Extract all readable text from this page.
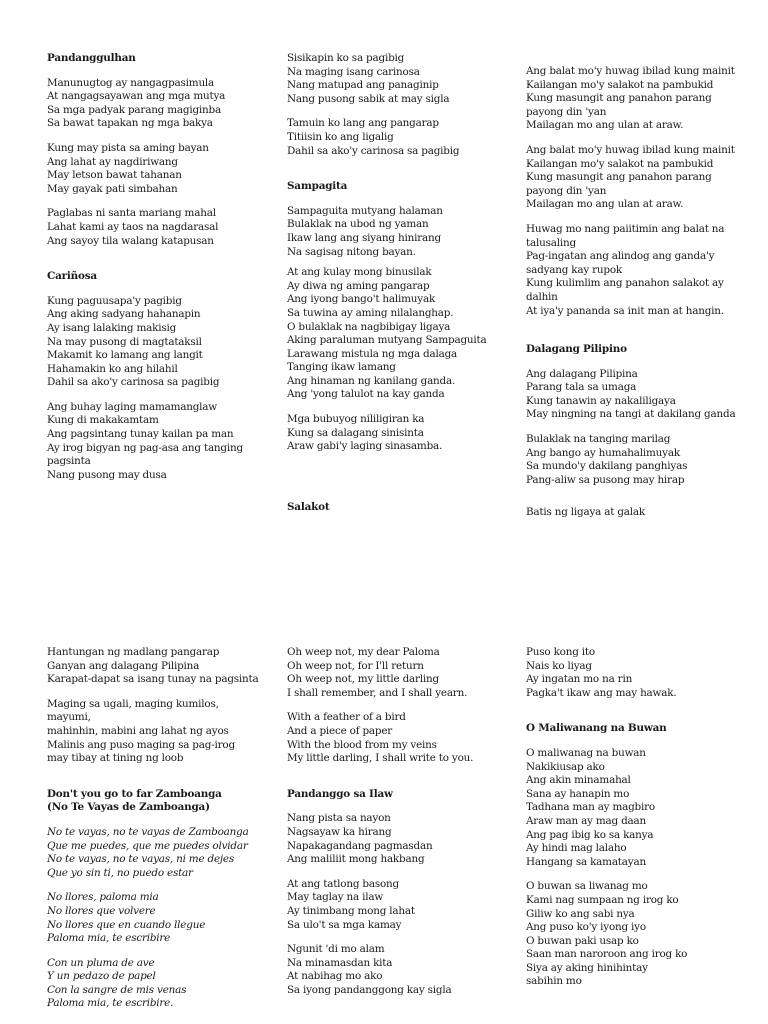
Pandanggulhan

Manunugtog ay nangagpasimula
At nangagsayawan ang mga mutya
Sa mga padyak parang magiginba
Sa bawat tapakan ng mga bakya
Kung may pista sa aming bayan
Ang lahat ay nagdiriwang
May letson bawat tahanan
May gayak pati simbahan
Paglabas ni santa mariang mahal
Lahat kami ay taos na nagdarasal
Ang sayoy tila walang katapusan

Cariñosa

Kung paguusapa'y pagibig
Ang aking sadyang hahanapin
Ay isang lalaking makisig
Na may pusong di magtataksil
Makamit ko lamang ang langit
Hahamakin ko ang hilahil
Dahil sa ako'y carinosa sa pagibig
Ang buhay laging mamamanglaw
Kung di makakamtam
Ang pagsintang tunay kailan pa man
Ay irog bigyan ng pag-asa ang tanging
pagsinta
Nang pusong may dusa
Sisikapin ko sa pagibig
Na maging isang carinosa
Nang matupad ang panaginip
Nang pusong sabik at may sigla
Tamuin ko lang ang pangarap
Titiisin ko ang ligalig
Dahil sa ako'y carinosa sa pagibig

Sampagita

Sampaguita mutyang halaman
Bulaklak na ubod ng yaman
Ikaw lang ang siyang hinirang
Na sagisag nitong bayan.
At ang kulay mong binusilak
Ay diwa ng aming pangarap
Ang iyong bango't halimuyak
Sa tuwina ay aming nilalanghap.
O bulaklak na nagbibigay ligaya
Aking paraluman mutyang Sampaguita
Larawang mistula ng mga dalaga
Tanging ikaw lamang
Ang hinaman ng kanilang ganda.
Ang 'yong talulot na kay ganda
Mga bubuyog nililigiran ka
Kung sa dalagang sinisinta
Araw gabi'y laging sinasamba.

Salakot

Ang balat mo'y huwag ibilad kung mainit
Kailangan mo'y salakot na pambukid
Kung masungit ang panahon parang
payong din 'yan
Mailagan mo ang ulan at araw.
Ang balat mo'y huwag ibilad kung mainit
Kailangan mo'y salakot na pambukid
Kung masungit ang panahon parang
payong din 'yan
Mailagan mo ang ulan at araw.
Huwag mo nang paiitimin ang balat na
talusaling
Pag-ingatan ang alindog ang ganda'y
sadyang kay rupok
Kung kulimlim ang panahon salakot ay
dalhin
At iya'y pananda sa init man at hangin.

Dalagang Pilipino

Ang dalagang Pilipina
Parang tala sa umaga
Kung tanawin ay nakaliligaya
May ningning na tangi at dakilang ganda
Bulaklak na tanging marilag
Ang bango ay humahalimuyak
Sa mundo'y dakilang panghiyas
Pang-aliw sa pusong may hirap
Batis ng ligaya at galak
Hantungan ng madlang pangarap
Ganyan ang dalagang Pilipina
Karapat-dapat sa isang tunay na pagsinta
Maging sa ugali, maging kumilos,
mayumi,
mahinhin, mabini ang lahat ng ayos
Malinis ang puso maging sa pag-irog
may tibay at tining ng loob

Don't you go to far Zamboanga

(No Te Vayas de Zamboanga)

No te vayas, no te vayas de Zamboanga
Que me puedes, que me puedes olvidar
No te vayas, no te vayas, ni me dejes
Que yo sin ti, no puedo estar
No llores, paloma mia
No llores que volvere
No llores que en cuando llegue
Paloma mia, te escribire
Con un pluma de ave
Y un pedazo de papel
Con la sangre de mis venas
Paloma mia, te escribire.
Oh weep not, my dear Paloma
Oh weep not, for I'll return
Oh weep not, my little darling
I shall remember, and I shall yearn.
With a feather of a bird
And a piece of paper
With the blood from my veins
My little darling, I shall write to you.

Pandanggo sa Ilaw

Nang pista sa nayon
Nagsayaw ka hirang
Napakagandang pagmasdan
Ang maliliit mong hakbang
At ang tatlong basong
May taglay na ilaw
Ay tinimbang mong lahat
Sa ulo't sa mga kamay
Ngunit 'di mo alam
Na minamasdan kita
At nabihag mo ako
Sa iyong pandanggong kay sigla
Puso kong ito
Nais ko liyag
Ay ingatan mo na rin
Pagka't ikaw ang may hawak.

O Maliwanang na Buwan

O maliwanag na buwan
Nakikiusap ako
Ang akin minamahal
Sana ay hanapin mo
Tadhana man ay magbiro
Araw man ay mag daan
Ang pag ibig ko sa kanya
Ay hindi mag lalaho
Hangang sa kamatayan
O buwan sa liwanag mo
Kami nag sumpaan ng irog ko
Giliw ko ang sabi nya
Ang puso ko'y iyong iyo
O buwan paki usap ko
Saan man naroroon ang irog ko
Siya ay aking hinihintay
sabihin mo
